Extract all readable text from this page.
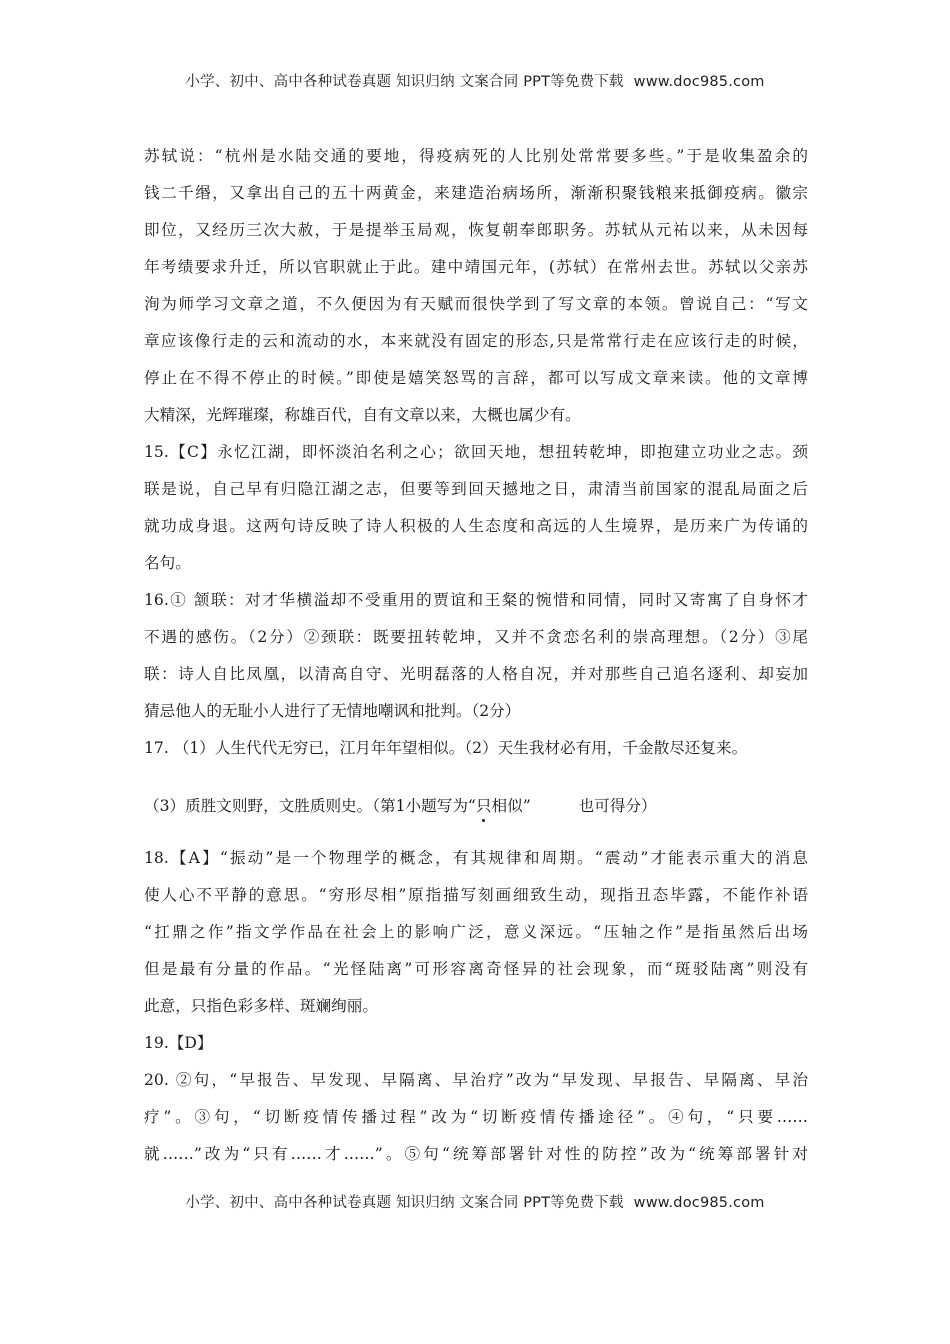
小学、初中、高中各种试卷真题 知识归纳 文案合同 PPT等免费下载 www.doc985.com
苏轼说：“杭州是水陆交通的要地，得疫病死的人比别处常常要多些。”于是收集盈余的
钱二千缗，又拿出自己的五十两黄金，来建造治病场所，渐渐积聚钱粮来抵御疫病。徽宗
即位，又经历三次大赦，于是提举玉局观，恢复朝奉郎职务。苏轼从元祐以来，从未因每
年考绩要求升迁，所以官职就止于此。建中靖国元年，(苏轼）在常州去世。苏轼以父亲苏
洵为师学习文章之道，不久便因为有天赋而很快学到了写文章的本领。曾说自己：“写文
章应该像行走的云和流动的水，本来就没有固定的形态,只是常常行走在应该行走的时候，
停止在不得不停止的时候。”即使是嬉笑怒骂的言辞，都可以写成文章来读。他的文章博
大精深，光辉璀璨，称雄百代，自有文章以来，大概也属少有。
15.【C】永忆江湖，即怀淡泊名利之心；欲回天地，想扭转乾坤，即抱建立功业之志。颈
联是说，自己早有归隐江湖之志，但要等到回天撼地之日，肃清当前国家的混乱局面之后
就功成身退。这两句诗反映了诗人积极的人生态度和高远的人生境界，是历来广为传诵的
名句。
16.① 颔联：对才华横溢却不受重用的贾谊和王粲的惋惜和同情，同时又寄寓了自身怀才
不遇的感伤。（2分）②颈联：既要扭转乾坤，又并不贪恋名利的崇高理想。（2分）③尾
联：诗人自比凤凰，以清高自守、光明磊落的人格自况，并对那些自己追名逐利、却妄加
猜忌他人的无耻小人进行了无情地嘲讽和批判。（2分）
17. （1）人生代代无穷已，江月年年望相似。（2）天生我材必有用，千金散尽还复来。
（3）质胜文则野，文胜质则史。（第1小题写为“只相似”	也可得分）
18.【A】“振动”是一个物理学的概念，有其规律和周期。“震动”才能表示重大的消息
使人心不平静的意思。“穷形尽相”原指描写刻画细致生动，现指丑态毕露，不能作补语
“扛鼎之作”指文学作品在社会上的影响广泛，意义深远。“压轴之作”是指虽然后出场
但是最有分量的作品。“光怪陆离”可形容离奇怪异的社会现象，而“斑驳陆离”则没有
此意，只指色彩多样、斑斓绚丽。
19.【D】
20. ②句，“早报告、早发现、早隔离、早治疗”改为“早发现、早报告、早隔离、早治
疗”。③句，“切断疫情传播过程”改为“切断疫情传播途径”。④句，“只要……
就……”改为“只有……才……”。⑤句“统筹部署针对性的防控”改为“统筹部署针对
小学、初中、高中各种试卷真题 知识归纳 文案合同 PPT等免费下载 www.doc985.com
